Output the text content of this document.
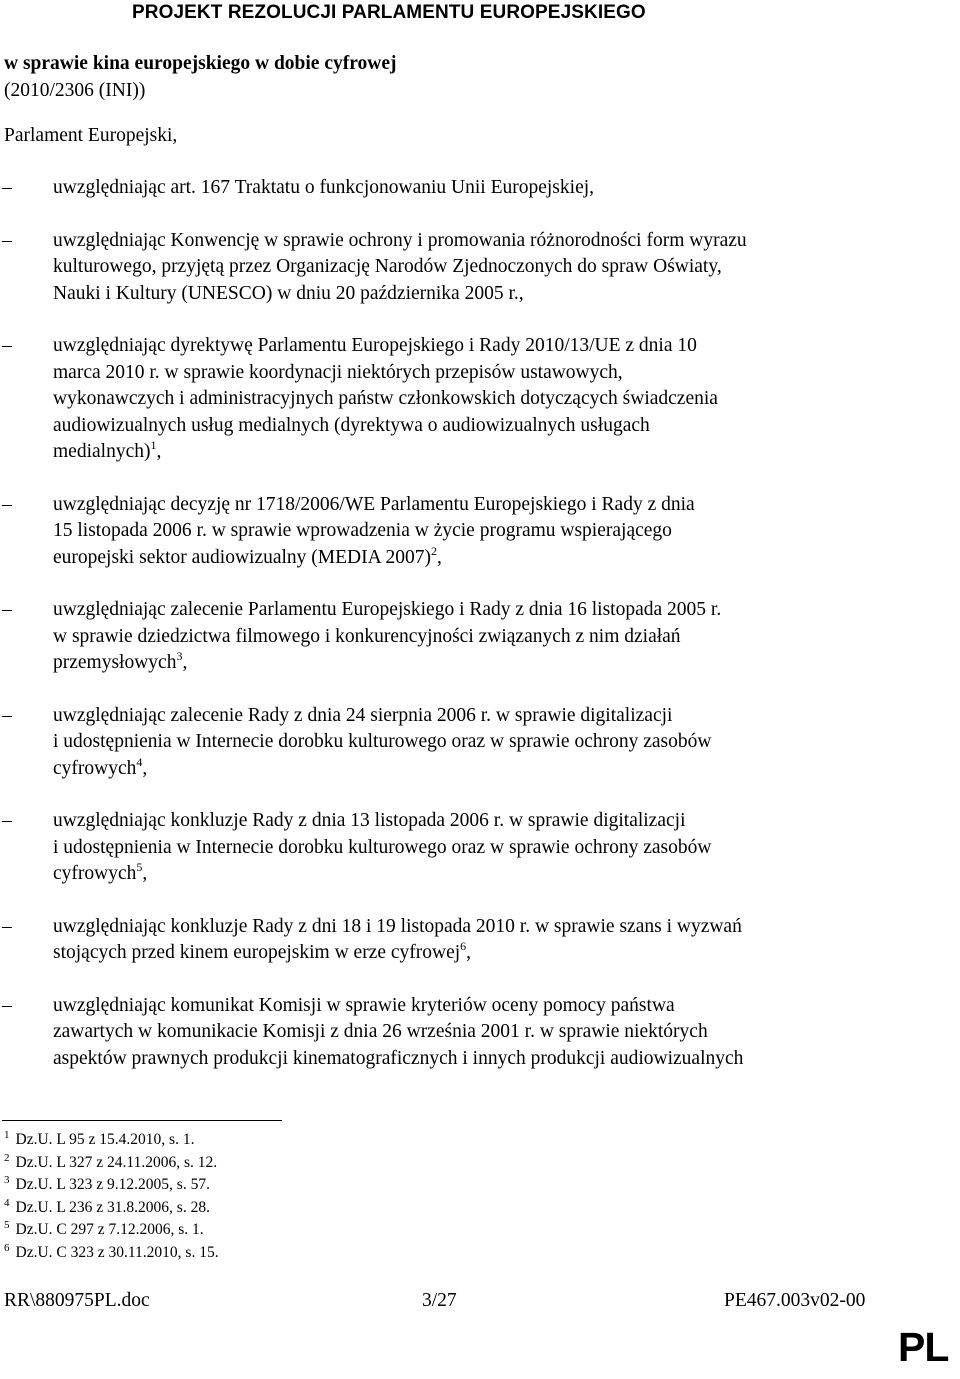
PROJEKT REZOLUCJI PARLAMENTU EUROPEJSKIEGO
w sprawie kina europejskiego w dobie cyfrowej
(2010/2306 (INI))
Parlament Europejski,
– uwzględniając art. 167 Traktatu o funkcjonowaniu Unii Europejskiej,
– uwzględniając Konwencję w sprawie ochrony i promowania różnorodności form wyrazu
kulturowego, przyjętą przez Organizację Narodów Zjednoczonych do spraw Oświaty,
Nauki i Kultury (UNESCO) w dniu 20 października 2005 r.,
– uwzględniając dyrektywę Parlamentu Europejskiego i Rady 2010/13/UE z dnia 10
marca 2010 r. w sprawie koordynacji niektórych przepisów ustawowych,
wykonawczych i administracyjnych państw członkowskich dotyczących świadczenia
audiowizualnych usług medialnych (dyrektywa o audiowizualnych usługach
medialnych)$^1$,
– uwzględniając decyzję nr 1718/2006/WE Parlamentu Europejskiego i Rady z dnia
15 listopada 2006 r. w sprawie wprowadzenia w życie programu wspierającego
europejski sektor audiowizualny (MEDIA 2007)$^2$,
– uwzględniając zalecenie Parlamentu Europejskiego i Rady z dnia 16 listopada 2005 r.
w sprawie dziedzictwa filmowego i konkurencyjności związanych z nim działań
przemysłowych$^3$,
– uwzględniając zalecenie Rady z dnia 24 sierpnia 2006 r. w sprawie digitalizacji
i udostępnienia w Internecie dorobku kulturowego oraz w sprawie ochrony zasobów
cyfrowych$^4$,
– uwzględniając konkluzje Rady z dnia 13 listopada 2006 r. w sprawie digitalizacji
i udostępnienia w Internecie dorobku kulturowego oraz w sprawie ochrony zasobów
cyfrowych$^5$,
– uwzględniając konkluzje Rady z dni 18 i 19 listopada 2010 r. w sprawie szans i wyzwań
stojących przed kinem europejskim w erze cyfrowej$^6$,
– uwzględniając komunikat Komisji w sprawie kryteriów oceny pomocy państwa
zawartych w komunikacie Komisji z dnia 26 września 2001 r. w sprawie niektórych
aspektów prawnych produkcji kinematograficznych i innych produkcji audiowizualnych
$^1$ Dz.U. L 95 z 15.4.2010, s. 1.
$^2$ Dz.U. L 327 z 24.11.2006, s. 12.
$^3$ Dz.U. L 323 z 9.12.2005, s. 57.
$^4$ Dz.U. L 236 z 31.8.2006, s. 28.
$^5$ Dz.U. C 297 z 7.12.2006, s. 1.
$^6$ Dz.U. C 323 z 30.11.2010, s. 15.
RR\880975PL.doc	3/27	PE467.003v02-00
PL
